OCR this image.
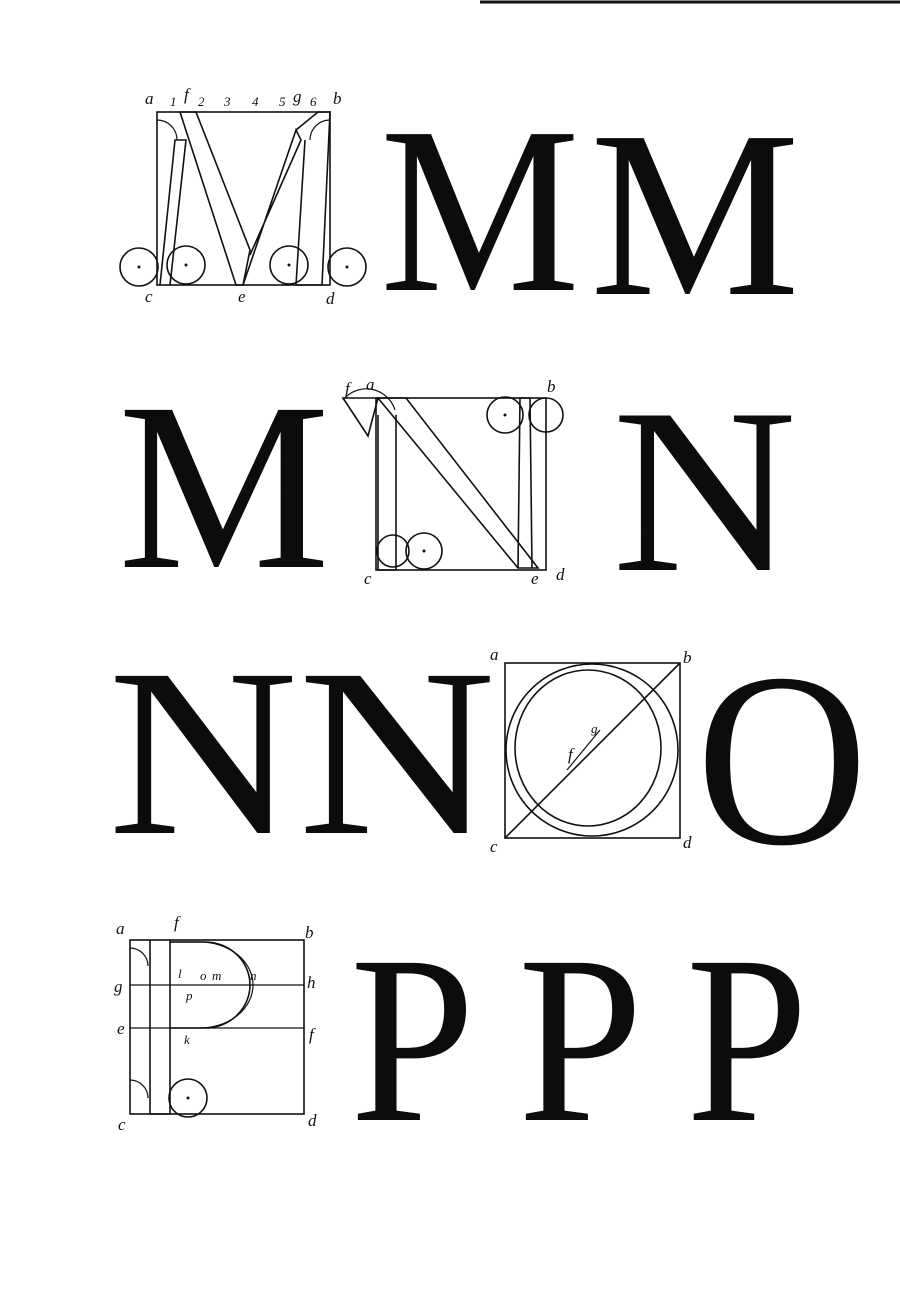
a 1 f 2 3 4 5 g 6 b
c	e	d M M
M f a	b
c	e d N
N N
a	b
c	d
f
g O
a	f
b
g
l o m n	h
p
e
k	f
c	d P P P
